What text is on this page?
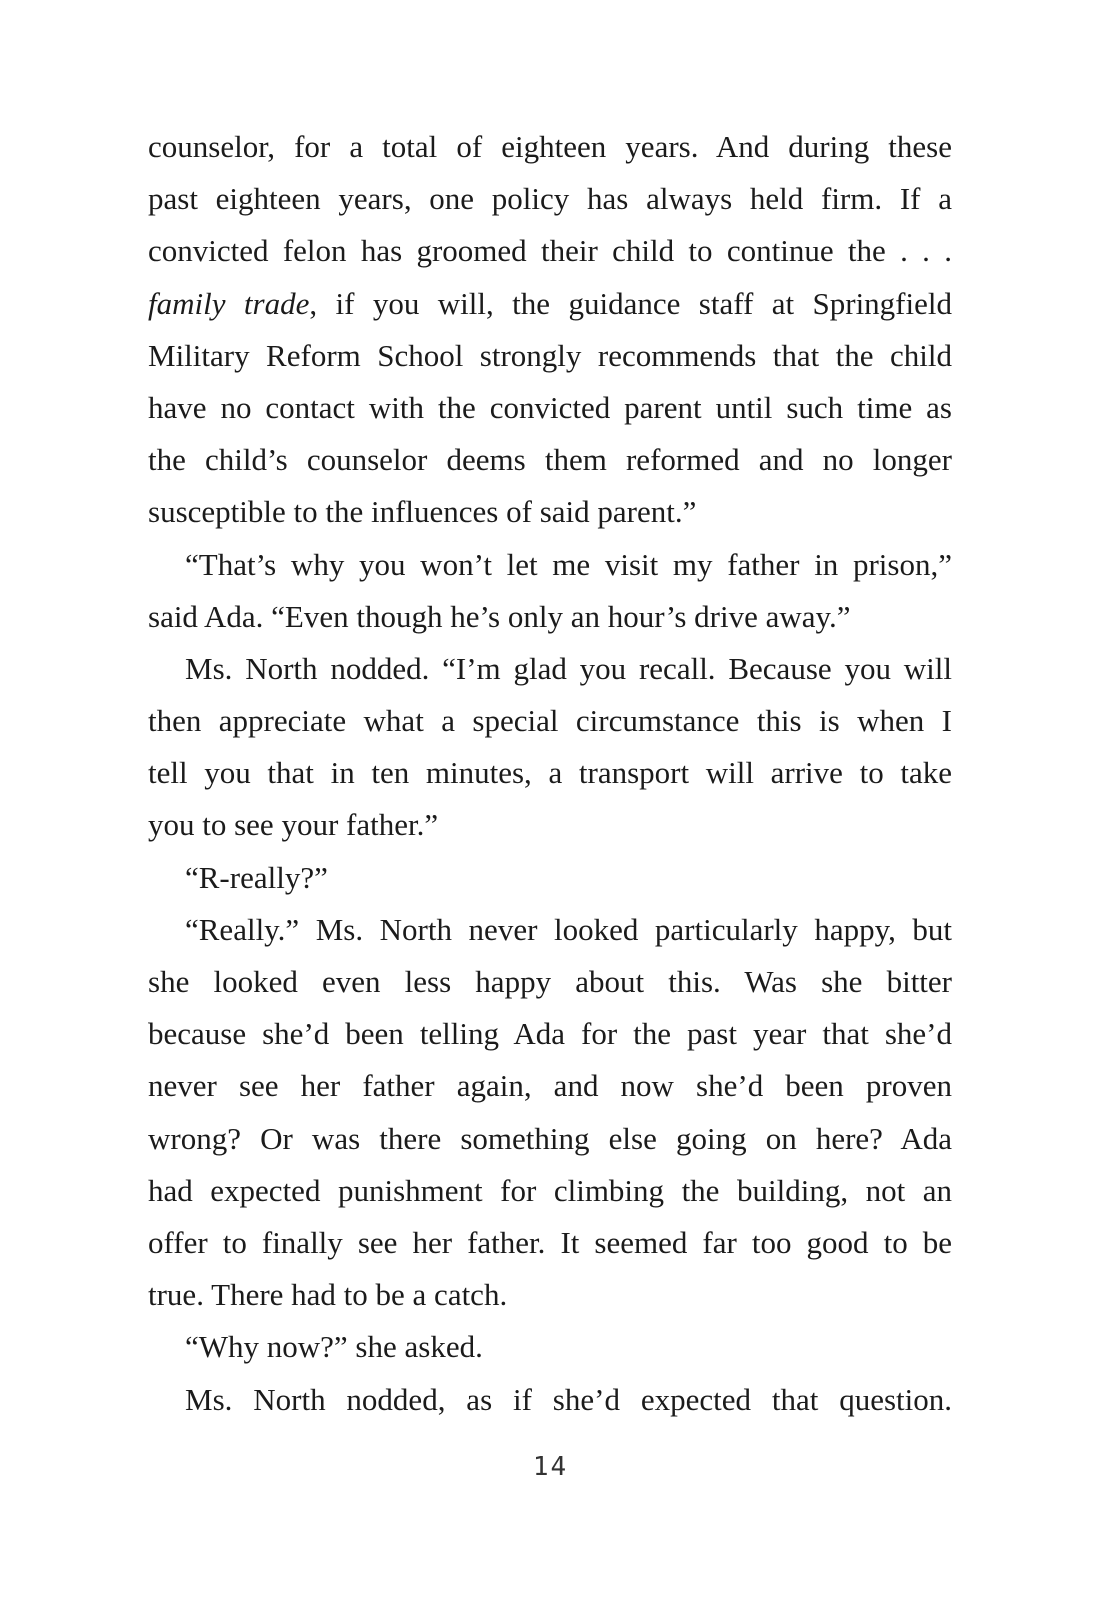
counselor, for a total of eighteen years. And during these
past eighteen years, one policy has always held firm. If a
convicted felon has groomed their child to continue the . . .
family trade, if you will, the guidance staff at Springfield
Military Reform School strongly recommends that the child
have no contact with the convicted parent until such time as
the child’s counselor deems them reformed and no longer
susceptible to the influences of said parent.”
“That’s why you won’t let me visit my father in prison,”
said Ada. “Even though he’s only an hour’s drive away.”
Ms. North nodded. “I’m glad you recall. Because you will
then appreciate what a special circumstance this is when I
tell you that in ten minutes, a transport will arrive to take
you to see your father.”
“R-really?”
“Really.” Ms. North never looked particularly happy, but
she looked even less happy about this. Was she bitter
because she’d been telling Ada for the past year that she’d
never see her father again, and now she’d been proven
wrong? Or was there something else going on here? Ada
had expected punishment for climbing the building, not an
offer to finally see her father. It seemed far too good to be
true. There had to be a catch.
“Why now?” she asked.
Ms. North nodded, as if she’d expected that question.
14
